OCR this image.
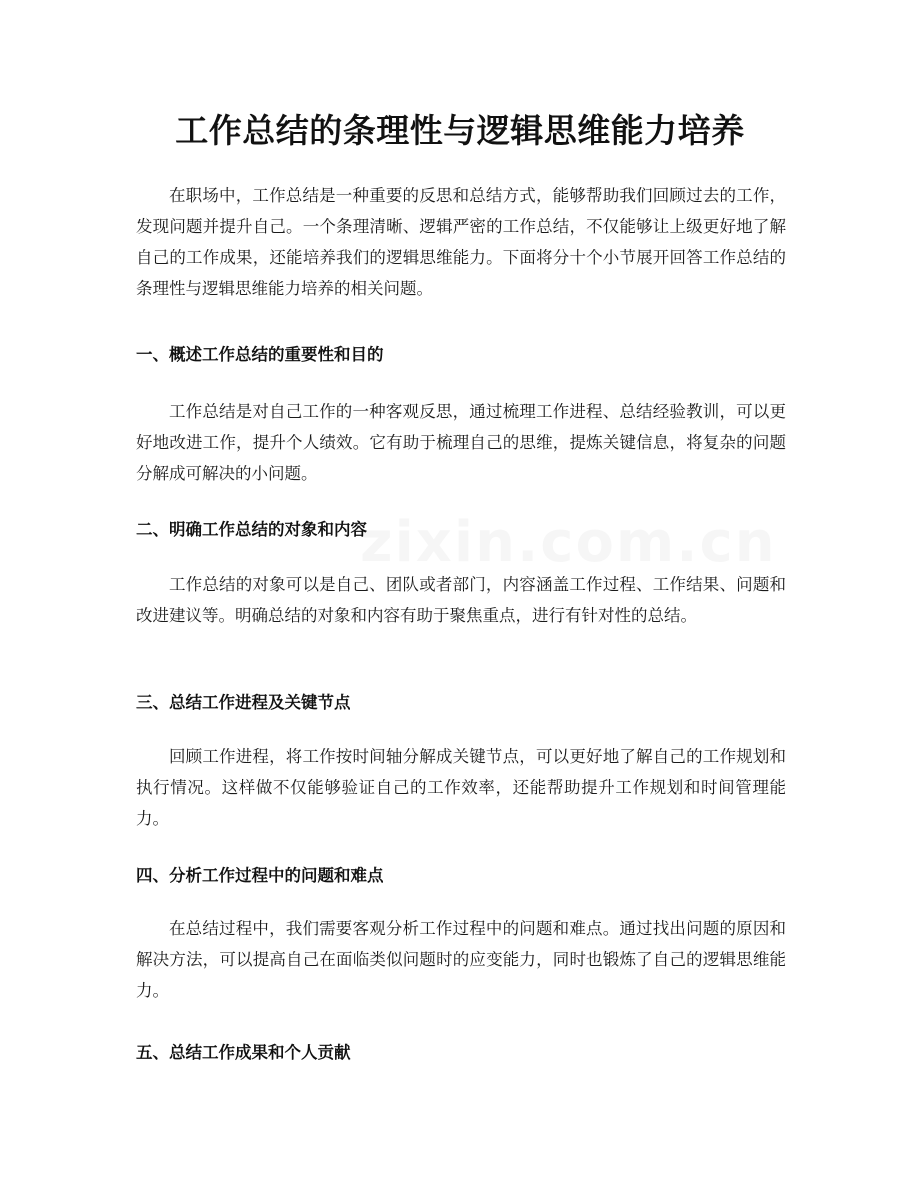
工作总结的条理性与逻辑思维能力培养

在职场中，工作总结是一种重要的反思和总结方式，能够帮助我们回顾过去的工作，发现问题并提升自己。一个条理清晰、逻辑严密的工作总结，不仅能够让上级更好地了解自己的工作成果，还能培养我们的逻辑思维能力。下面将分十个小节展开回答工作总结的条理性与逻辑思维能力培养的相关问题。

一、概述工作总结的重要性和目的

工作总结是对自己工作的一种客观反思，通过梳理工作进程、总结经验教训，可以更好地改进工作，提升个人绩效。它有助于梳理自己的思维，提炼关键信息，将复杂的问题分解成可解决的小问题。

二、明确工作总结的对象和内容

工作总结的对象可以是自己、团队或者部门，内容涵盖工作过程、工作结果、问题和改进建议等。明确总结的对象和内容有助于聚焦重点，进行有针对性的总结。

三、总结工作进程及关键节点

回顾工作进程，将工作按时间轴分解成关键节点，可以更好地了解自己的工作规划和执行情况。这样做不仅能够验证自己的工作效率，还能帮助提升工作规划和时间管理能力。

四、分析工作过程中的问题和难点

在总结过程中，我们需要客观分析工作过程中的问题和难点。通过找出问题的原因和解决方法，可以提高自己在面临类似问题时的应变能力，同时也锻炼了自己的逻辑思维能力。

五、总结工作成果和个人贡献
